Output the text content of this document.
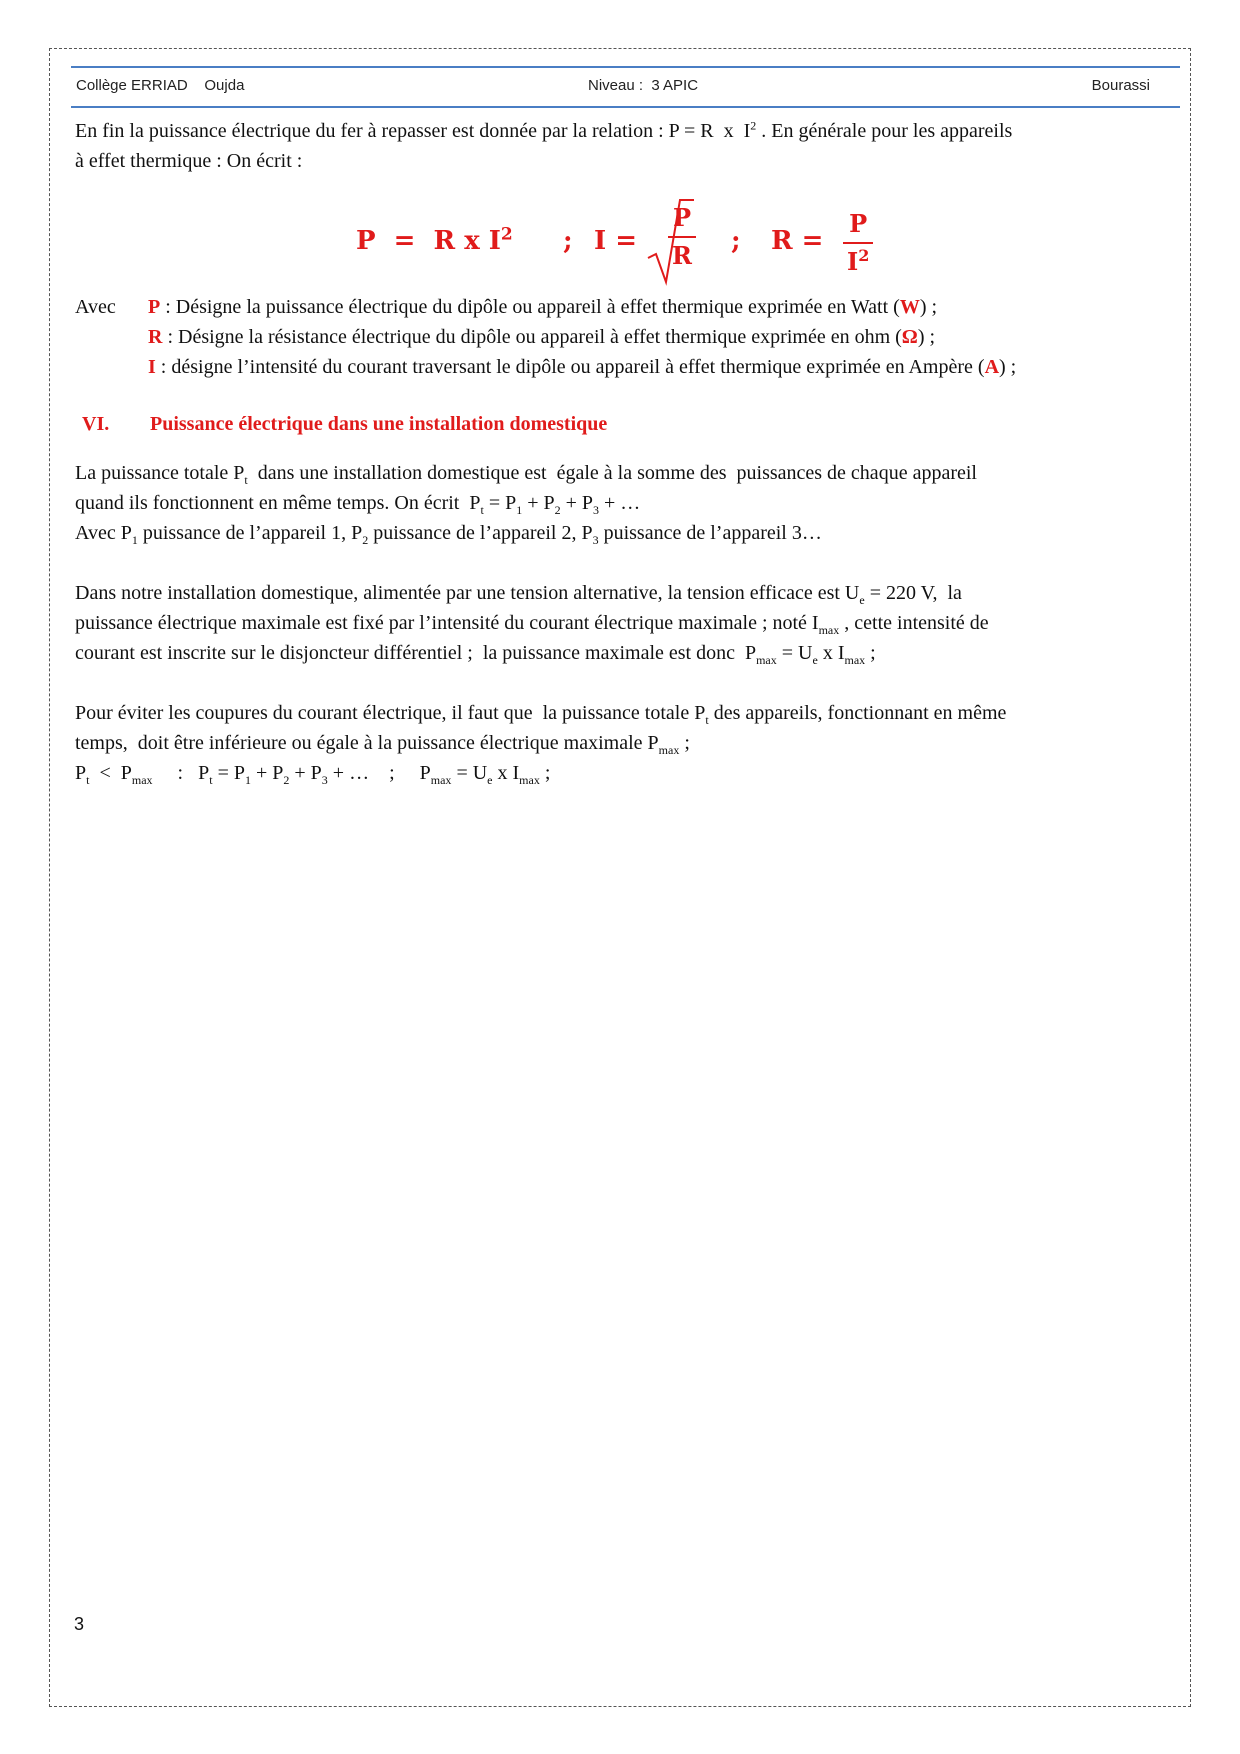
Collège ERRIAD    Oujda	Niveau :  3 APIC	Bourassi

En fin la puissance électrique du fer à repasser est donnée par la relation : P = R  x  $I^2$ . En générale pour les appareils

à effet thermique : On écrit :

P  =  R x $I^2$ ; $I = \frac{P}{R}$ ; $R = \frac{P}{I^2}$
Avec P : Désigne la puissance électrique du dipôle ou appareil à effet thermique exprimée en Watt (W) ;
R : Désigne la résistance électrique du dipôle ou appareil à effet thermique exprimée en ohm (Ω) ;
I : désigne l’intensité du courant traversant le dipôle ou appareil à effet thermique exprimée en Ampère (A) ;
VI. Puissance électrique dans une installation domestique

La puissance totale $P_t$  dans une installation domestique est  égale à la somme des  puissances de chaque appareil

quand ils fonctionnent en même temps. On écrit  $P_t = P_1 + P_2 + P_3$ + …

Avec $P_1$ puissance de l’appareil 1, $P_2$ puissance de l’appareil 2, $P_3$ puissance de l’appareil 3…

Dans notre installation domestique, alimentée par une tension alternative, la tension efficace est $U_e = 220$ V,  la

puissance électrique maximale est fixé par l’intensité du courant électrique maximale ; noté $I_{max}$ , cette intensité de

courant est inscrite sur le disjoncteur différentiel ;  la puissance maximale est donc  $P_{max} = U_e$ x $I_{max}$ ;

Pour éviter les coupures du courant électrique, il faut que  la puissance totale $P_t$ des appareils, fonctionnant en même

temps,  doit être inférieure ou égale à la puissance électrique maximale $P_{max}$ ;

$P_t < P_{max}$     :   $P_t = P_1 + P_2 + P_3$ + …    ;     $P_{max} = U_e$ x $I_{max}$ ;

3
